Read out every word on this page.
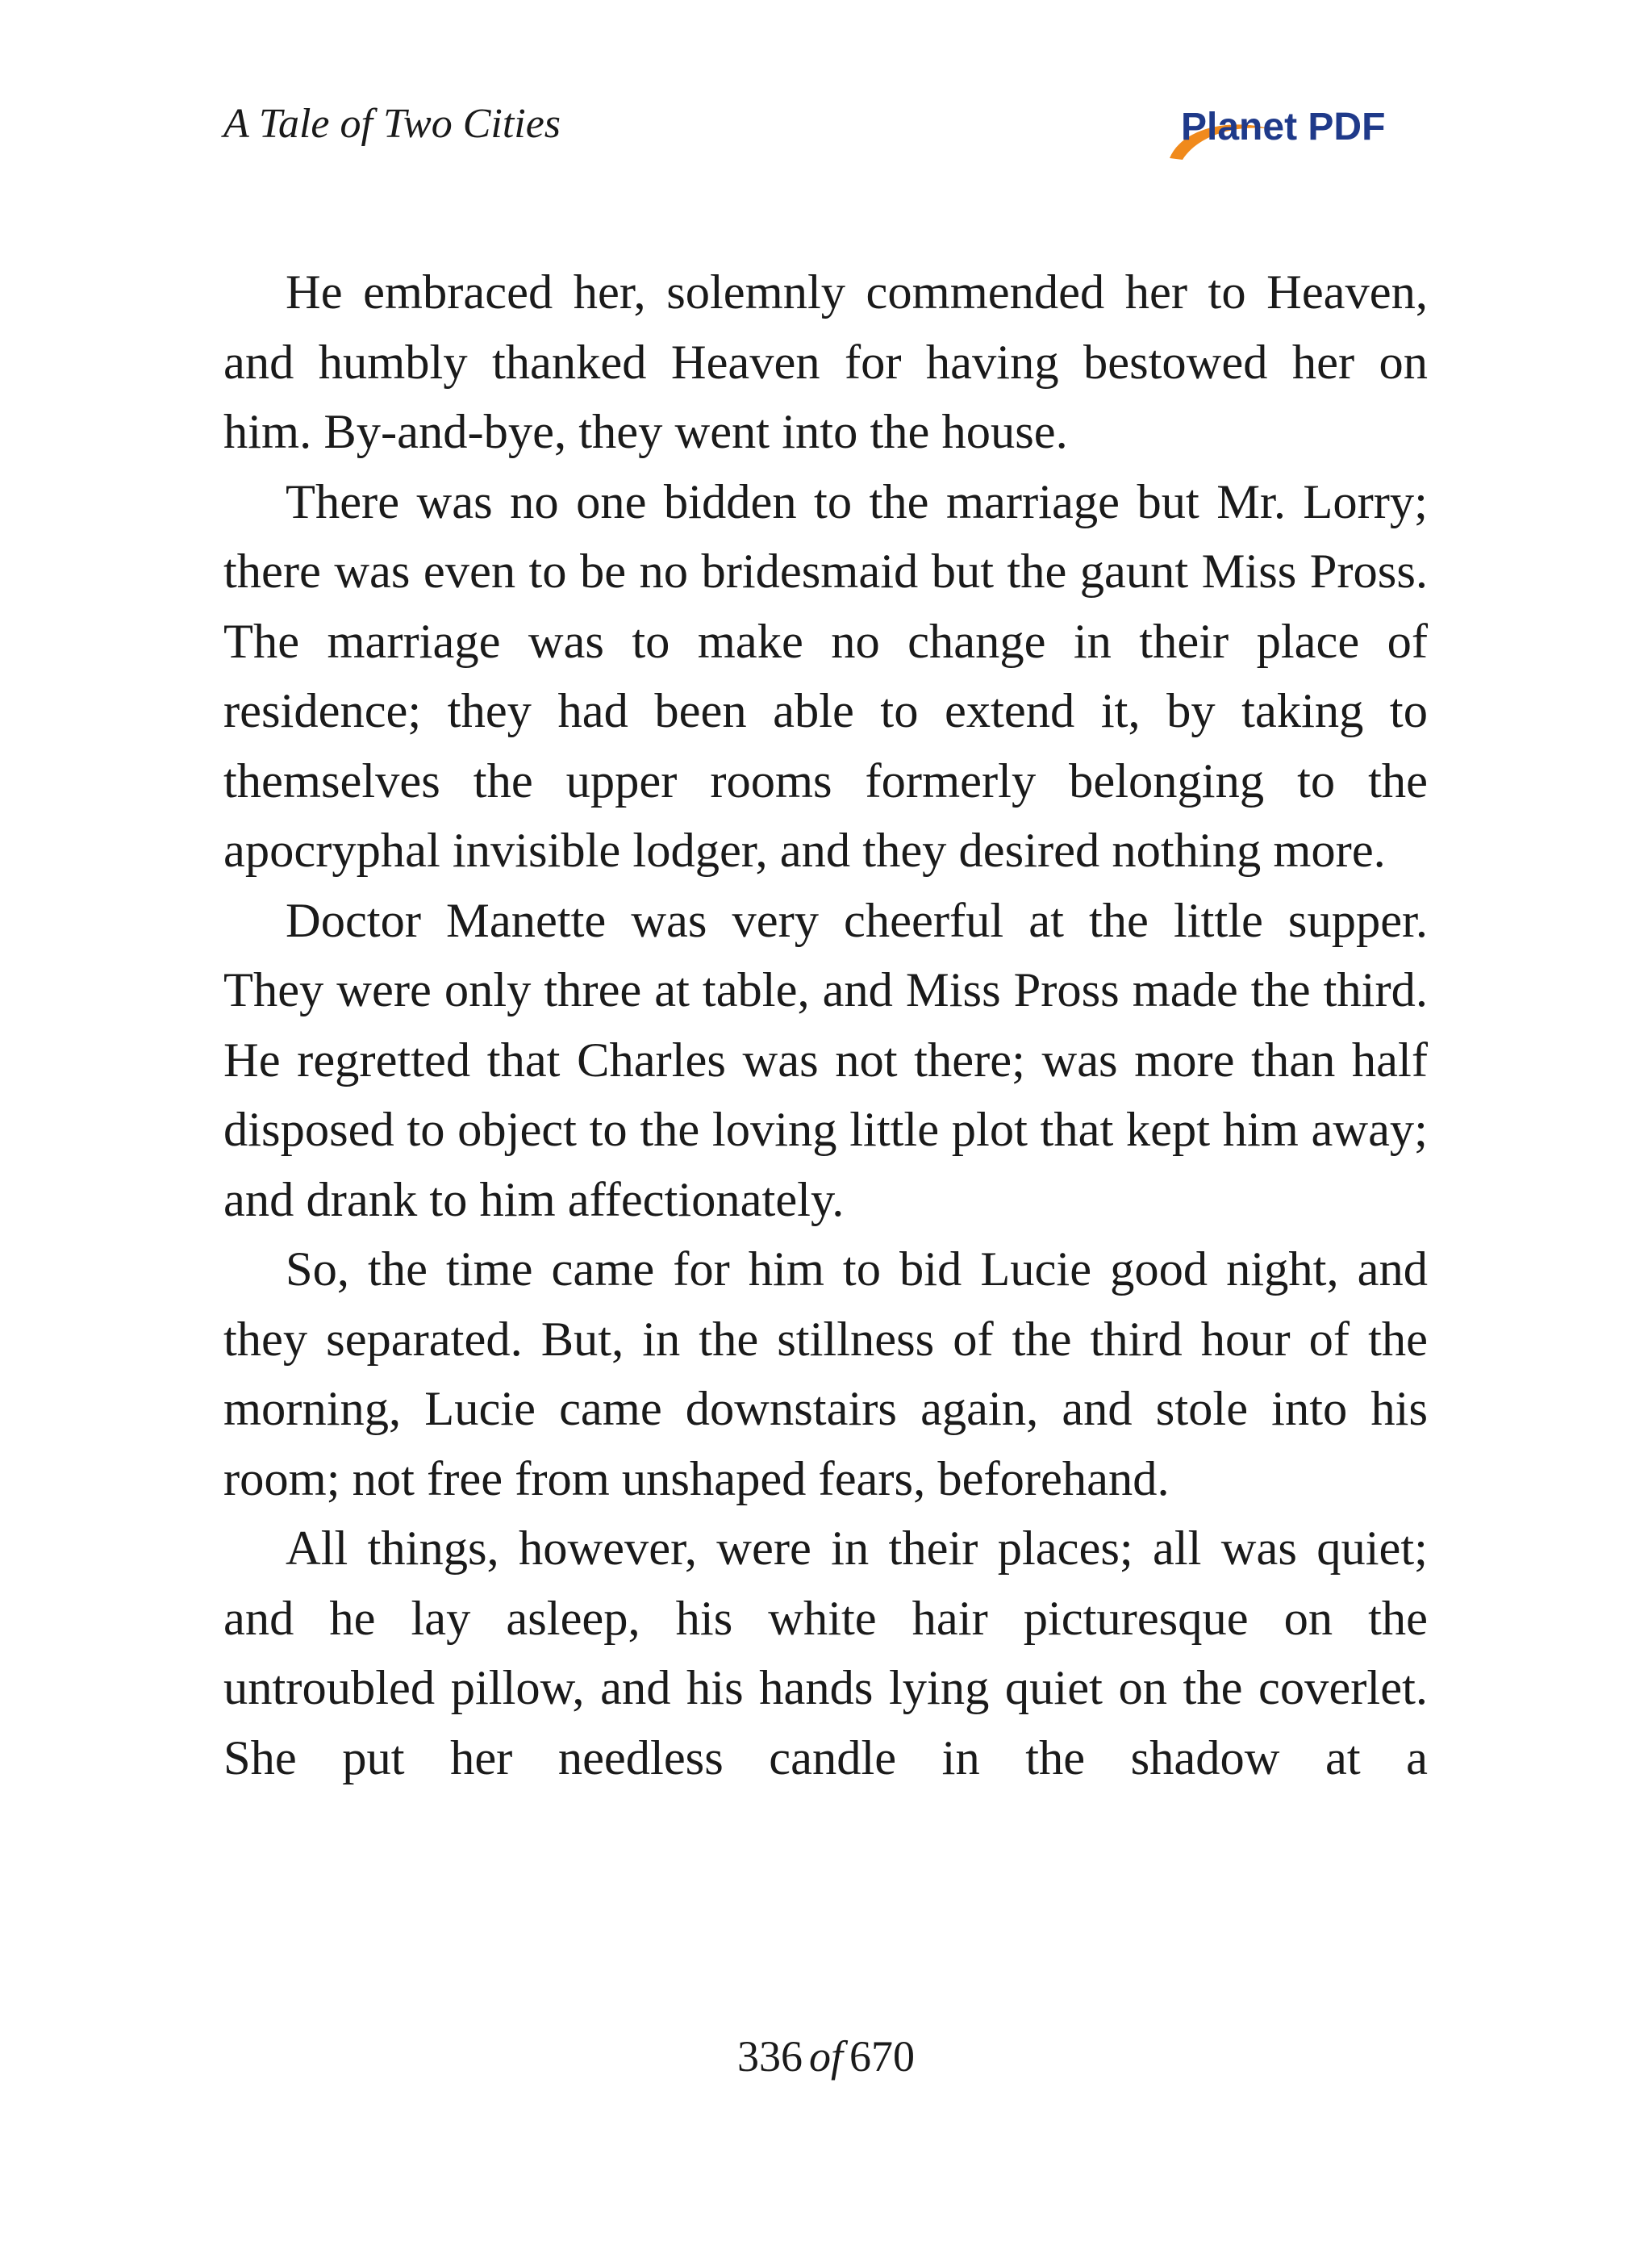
A Tale of Two Cities	Planet PDF

He embraced her, solemnly commended her to Heaven, and humbly thanked Heaven for having bestowed her on him. By-and-bye, they went into the house.

There was no one bidden to the marriage but Mr. Lorry; there was even to be no bridesmaid but the gaunt Miss Pross. The marriage was to make no change in their place of residence; they had been able to extend it, by taking to themselves the upper rooms formerly belonging to the apocryphal invisible lodger, and they desired nothing more.

Doctor Manette was very cheerful at the little supper. They were only three at table, and Miss Pross made the third. He regretted that Charles was not there; was more than half disposed to object to the loving little plot that kept him away; and drank to him affectionately.

So, the time came for him to bid Lucie good night, and they separated. But, in the stillness of the third hour of the morning, Lucie came downstairs again, and stole into his room; not free from unshaped fears, beforehand.

All things, however, were in their places; all was quiet; and he lay asleep, his white hair picturesque on the untroubled pillow, and his hands lying quiet on the coverlet. She put her needless candle in the shadow at a

336 of 670
